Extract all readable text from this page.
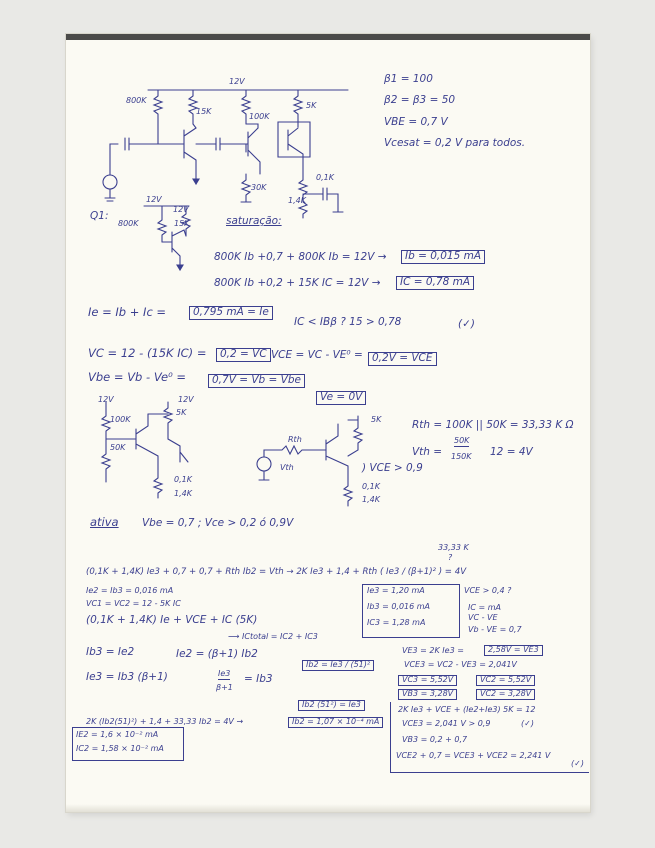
12V
800K
15K
100K
5K
30K
0,1K
1,4K
β1 = 100
β2 = β3 = 50
VBE = 0,7 V
Vcesat = 0,2 V para todos.
Q1:
12V
12V
800K	15K	saturação:
800K Ib +0,7 + 800K Ib = 12V →	Ib = 0,015 mA
800K Ib +0,2 + 15K IC = 12V →	IC = 0,78 mA
Ie = Ib + Ic =	0,795 mA = Ie
IC < IBβ ? 15 > 0,78	(✓)
VC = 12 - (15K IC) =	0,2 = VC VCE = VC - VE⁰ = 0,2V = VCE
Vbe = Vb - Ve⁰ =	0,7V = Vb = Vbe
12V	12V
100K
5K
50K
0,1K
1,4K
Ve = 0V
Rth
Vth
5K
) VCE > 0,9
0,1K
1,4K
Rth = 100K || 50K = 33,33 K Ω
Vth =
50K
150K 12 = 4V
ativa Vbe = 0,7 ; Vce > 0,2 ó 0,9V
33,33 K
?
(0,1K + 1,4K) Ie3 + 0,7 + 0,7 + Rth Ib2 = Vth → 2K Ie3 + 1,4 + Rth ( Ie3 / (β+1)² ) = 4V
Ie2 = Ib3 = 0,016 mA
VC1 = VC2 = 12 - 5K IC
(0,1K + 1,4K) Ie + VCE + IC (5K)
⟶ ICtotal = IC2 + IC3
Ie3 = 1,20 mA
Ib3 = 0,016 mA
IC3 = 1,28 mA
VCE > 0,4 ?
IC = mA
VC - VE
Vb - VE = 0,7
Ib3 = Ie2	Ie2 = (β+1) Ib2
Ib2 = Ie3 / (51)²
Ie3 = Ib3 (β+1)	Ie3
β+1
= Ib3
Ib2 (51²) = Ie3
2K (Ib2(51)²) + 1,4 + 33,33 Ib2 = 4V →	Ib2 = 1,07 × 10⁻⁴ mA
IE2 = 1,6 × 10⁻² mA
IC2 = 1,58 × 10⁻² mA
VE3 = 2K Ie3 =	2,58V = VE3
VCE3 = VC2 - VE3 = 2,041V
VC3 = 5,52V	VC2 = 5,52V
VB3 = 3,28V	VC2 = 3,28V
2K Ie3 + VCE + (Ie2+Ie3) 5K = 12
VCE3 = 2,041 V > 0,9	(✓)
VB3 = 0,2 + 0,7
VCE2 + 0,7 = VCE3 + VCE2 = 2,241 V
(✓)
